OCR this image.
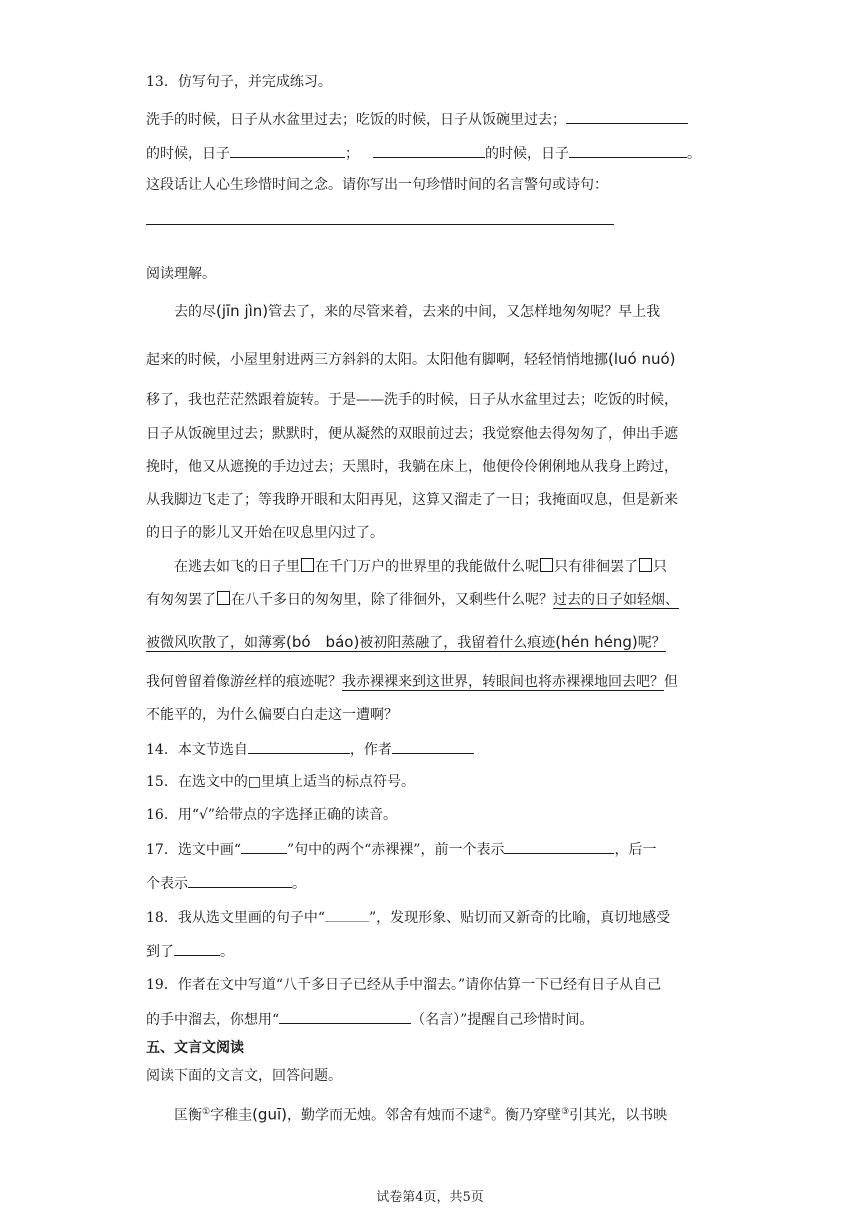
13．仿写句子，并完成练习。
洗手的时候，日子从水盆里过去；吃饭的时候，日子从饭碗里过去；
的时候，日子	；	的时候，日子	。
这段话让人心生珍惜时间之念。请你写出一句珍惜时间的名言警句或诗句：
阅读理解。
去的尽(jīn jìn)管去了，来的尽管来着，去来的中间，又怎样地匆匆呢？早上我
起来的时候，小屋里射进两三方斜斜的太阳。太阳他有脚啊，轻轻悄悄地挪(luó nuó)
移了，我也茫茫然跟着旋转。于是——洗手的时候，日子从水盆里过去；吃饭的时候，
日子从饭碗里过去；默默时，便从凝然的双眼前过去；我觉察他去得匆匆了，伸出手遮
挽时，他又从遮挽的手边过去；天黑时，我躺在床上，他便伶伶俐俐地从我身上跨过，
从我脚边飞走了；等我睁开眼和太阳再见，这算又溜走了一日；我掩面叹息，但是新来
的日子的影儿又开始在叹息里闪过了。
在逃去如飞的日子里 在千门万户的世界里的我能做什么呢 只有徘徊罢了 只
有匆匆罢了 在八千多日的匆匆里，除了徘徊外，又剩些什么呢？过去的日子如轻烟、
被微风吹散了，如薄雾(bó　báo)被初阳蒸融了，我留着什么痕迹(hén héng)呢？
我何曾留着像游丝样的痕迹呢？我赤裸裸来到这世界，转眼间也将赤裸裸地回去吧？但
不能平的，为什么偏要白白走这一遭啊？
14．本文节选自	，作者
15．在选文中的□里填上适当的标点符号。
16．用“√”给带点的字选择正确的读音。
17．选文中画“	”句中的两个“赤裸裸”，前一个表示	，后一
个表示	。
18．我从选文里画的句子中“	”，发现形象、贴切而又新奇的比喻，真切地感受
到了	。
19．作者在文中写道“八千多日子已经从手中溜去。”请你估算一下已经有日子从自己
的手中溜去，你想用“	（名言）”提醒自己珍惜时间。
五、文言文阅读
阅读下面的文言文，回答问题。
匡衡①字稚圭(guī)，勤学而无烛。邻舍有烛而不逮②。衡乃穿壁③引其光，以书映
试卷第4页，共5页
